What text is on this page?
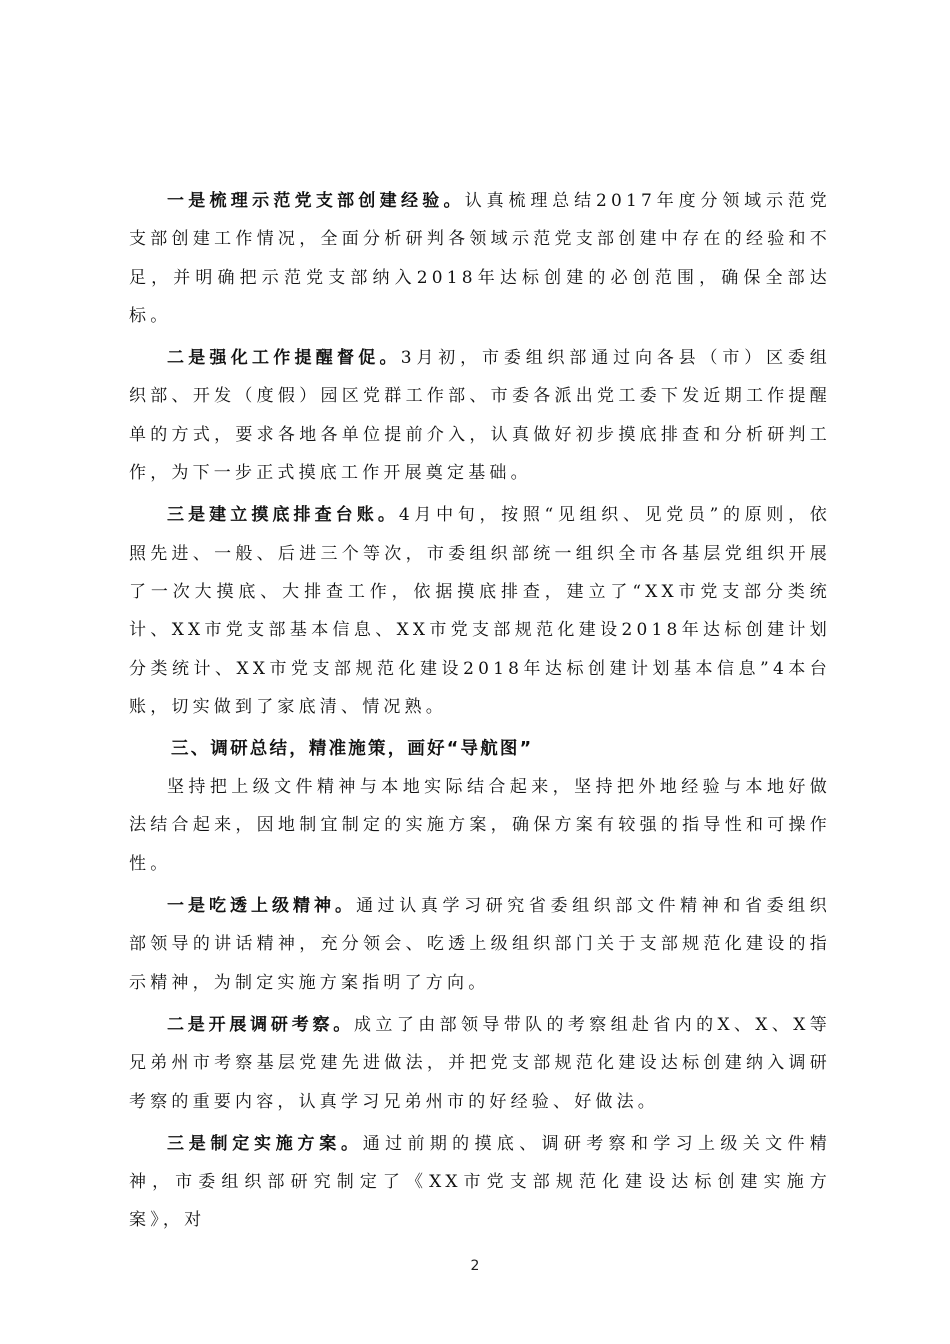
一是梳理示范党支部创建经验。认真梳理总结2017年度分领域示范党支部创建工作情况，全面分析研判各领域示范党支部创建中存在的经验和不足，并明确把示范党支部纳入2018年达标创建的必创范围，确保全部达标。

二是强化工作提醒督促。3月初，市委组织部通过向各县（市）区委组织部、开发（度假）园区党群工作部、市委各派出党工委下发近期工作提醒单的方式，要求各地各单位提前介入，认真做好初步摸底排查和分析研判工作，为下一步正式摸底工作开展奠定基础。

三是建立摸底排查台账。4月中旬，按照“见组织、见党员”的原则，依照先进、一般、后进三个等次，市委组织部统一组织全市各基层党组织开展了一次大摸底、大排查工作，依据摸底排查，建立了“XX市党支部分类统计、XX市党支部基本信息、XX市党支部规范化建设2018年达标创建计划分类统计、XX市党支部规范化建设2018年达标创建计划基本信息”4本台账，切实做到了家底清、情况熟。

三、调研总结，精准施策，画好“导航图”

坚持把上级文件精神与本地实际结合起来，坚持把外地经验与本地好做法结合起来，因地制宜制定的实施方案，确保方案有较强的指导性和可操作性。

一是吃透上级精神。通过认真学习研究省委组织部文件精神和省委组织部领导的讲话精神，充分领会、吃透上级组织部门关于支部规范化建设的指示精神，为制定实施方案指明了方向。

二是开展调研考察。成立了由部领导带队的考察组赴省内的X、X、X等兄弟州市考察基层党建先进做法，并把党支部规范化建设达标创建纳入调研考察的重要内容，认真学习兄弟州市的好经验、好做法。

三是制定实施方案。通过前期的摸底、调研考察和学习上级关文件精神，市委组织部研究制定了《XX市党支部规范化建设达标创建实施方案》，对

2
